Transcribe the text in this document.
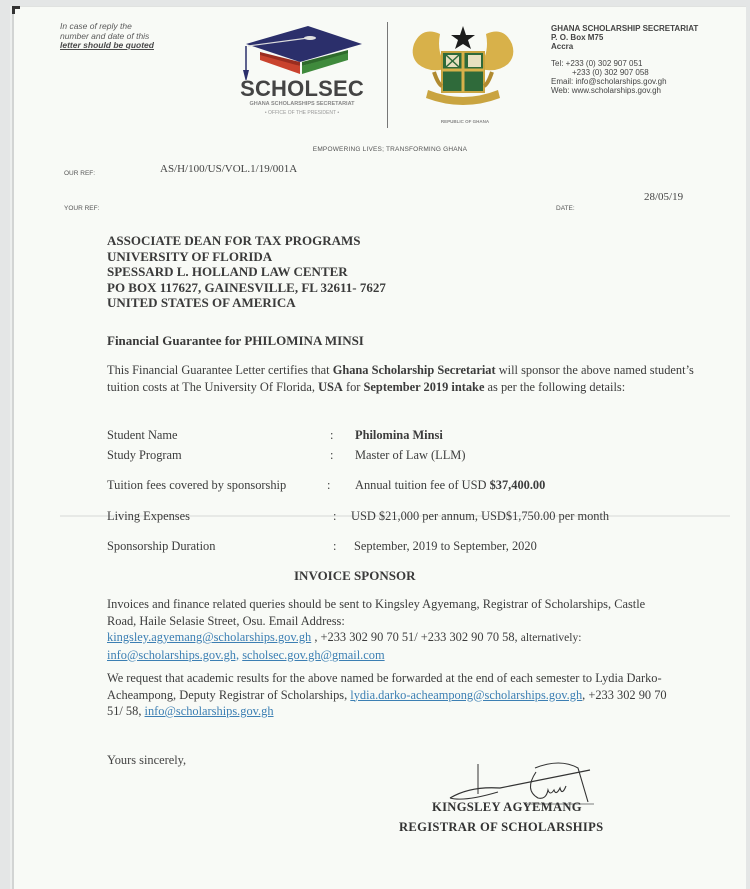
In case of reply the
number and date of this
letter should be quoted
SCHOLSEC
GHANA SCHOLARSHIPS SECRETARIAT
• OFFICE OF THE PRESIDENT •
REPUBLIC OF GHANA
EMPOWERING LIVES; TRANSFORMING GHANA
GHANA SCHOLARSHIP SECRETARIAT
P. O. Box M75
Accra
Tel: +233 (0) 302 907 051
+233 (0) 302 907 058
Email: info@scholarships.gov.gh
Web: www.scholarships.gov.gh
OUR REF:	AS/H/100/US/VOL.1/19/001A
YOUR REF:	DATE:
28/05/19
ASSOCIATE DEAN FOR TAX PROGRAMS
UNIVERSITY OF FLORIDA
SPESSARD L. HOLLAND LAW CENTER
PO BOX 117627, GAINESVILLE, FL 32611- 7627
UNITED STATES OF AMERICA
Financial Guarantee for PHILOMINA MINSI
This Financial Guarantee Letter certifies that Ghana Scholarship Secretariat will sponsor the above named student’s tuition costs at The University Of Florida, USA for September 2019 intake as per the following details:
Student Name	: Philomina Minsi
Study Program	: Master of Law (LLM)
Tuition fees covered by sponsorship	: Annual tuition fee of USD $37,400.00
Living Expenses	: USD $21,000 per annum, USD$1,750.00 per month
Sponsorship Duration	: September, 2019 to September, 2020
INVOICE SPONSOR
Invoices and finance related queries should be sent to Kingsley Agyemang, Registrar of Scholarships, Castle Road, Haile Selasie Street, Osu. Email Address:
kingsley.agyemang@scholarships.gov.gh , +233 302 90 70 51/ +233 302 90 70 58, alternatively:
info@scholarships.gov.gh, scholsec.gov.gh@gmail.com
We request that academic results for the above named be forwarded at the end of each semester to Lydia Darko- Acheampong, Deputy Registrar of Scholarships, lydia.darko-acheampong@scholarships.gov.gh, +233 302 90 70 51/ 58, info@scholarships.gov.gh
Yours sincerely,
KINGSLEY AGYEMANG
REGISTRAR OF SCHOLARSHIPS
